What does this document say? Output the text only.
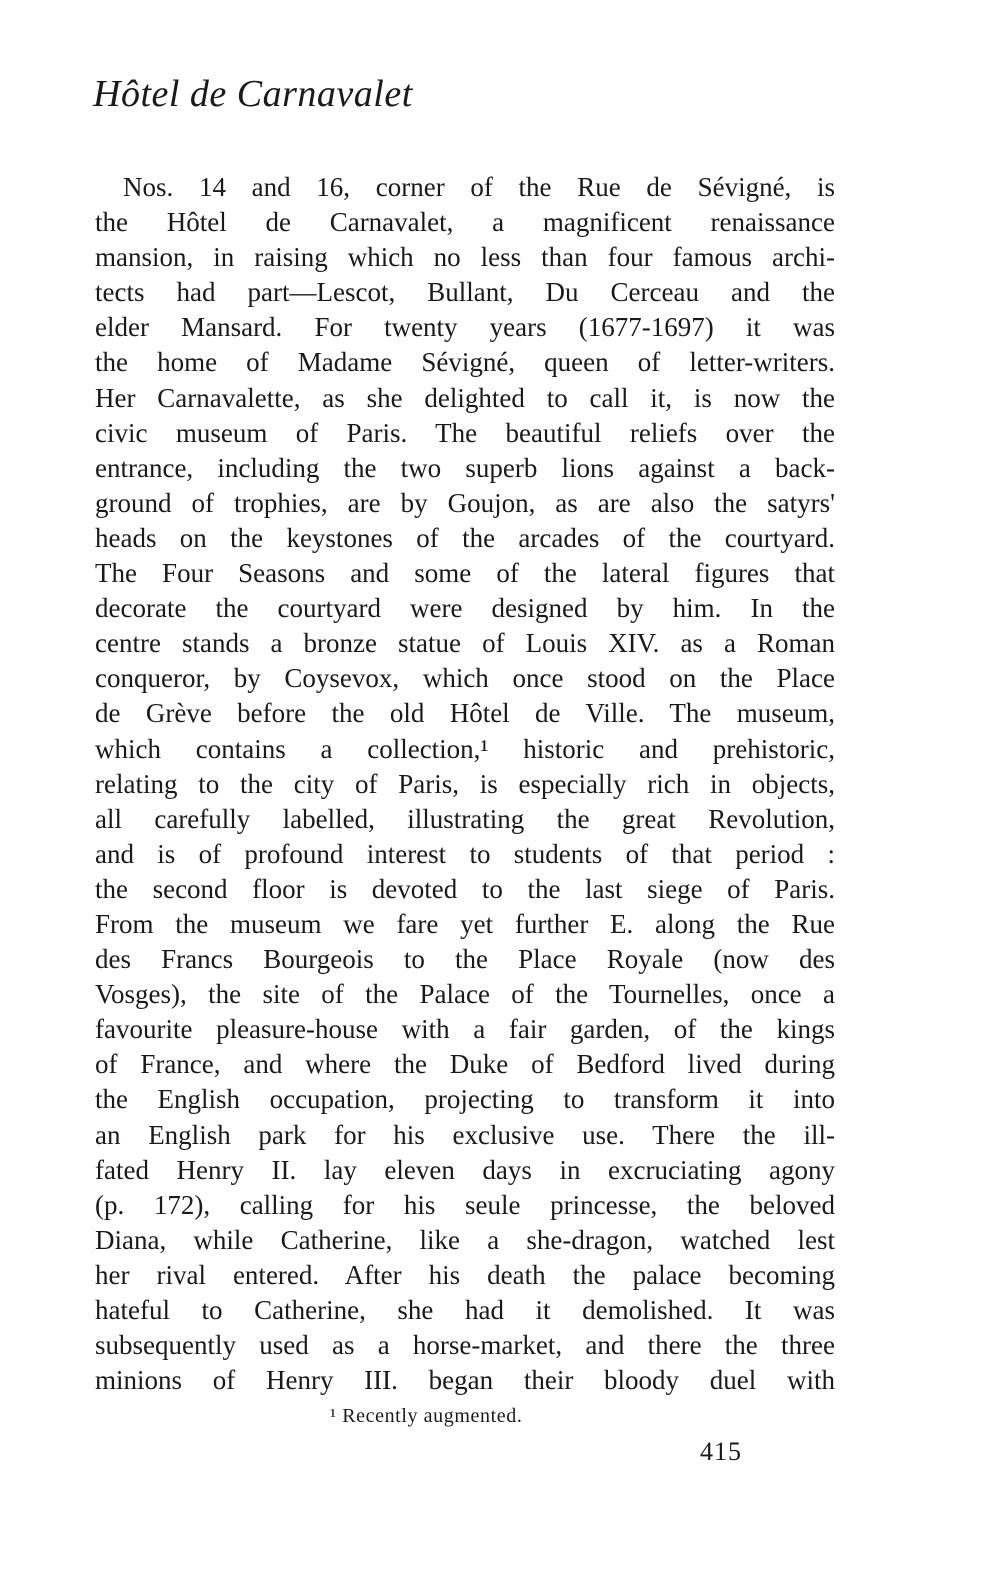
Hôtel de Carnavalet
Nos. 14 and 16, corner of the Rue de Sévigné, is
the Hôtel de Carnavalet, a magnificent renaissance
mansion, in raising which no less than four famous archi-
tects had part—Lescot, Bullant, Du Cerceau and the
elder Mansard. For twenty years (1677-1697) it was
the home of Madame Sévigné, queen of letter-writers.
Her Carnavalette, as she delighted to call it, is now the
civic museum of Paris. The beautiful reliefs over the
entrance, including the two superb lions against a back-
ground of trophies, are by Goujon, as are also the satyrs'
heads on the keystones of the arcades of the courtyard.
The Four Seasons and some of the lateral figures that
decorate the courtyard were designed by him. In the
centre stands a bronze statue of Louis XIV. as a Roman
conqueror, by Coysevox, which once stood on the Place
de Grève before the old Hôtel de Ville. The museum,
which contains a collection,¹ historic and prehistoric,
relating to the city of Paris, is especially rich in objects,
all carefully labelled, illustrating the great Revolution,
and is of profound interest to students of that period :
the second floor is devoted to the last siege of Paris.
From the museum we fare yet further E. along the Rue
des Francs Bourgeois to the Place Royale (now des
Vosges), the site of the Palace of the Tournelles, once a
favourite pleasure-house with a fair garden, of the kings
of France, and where the Duke of Bedford lived during
the English occupation, projecting to transform it into
an English park for his exclusive use. There the ill-
fated Henry II. lay eleven days in excruciating agony
(p. 172), calling for his seule princesse, the beloved
Diana, while Catherine, like a she-dragon, watched lest
her rival entered. After his death the palace becoming
hateful to Catherine, she had it demolished. It was
subsequently used as a horse-market, and there the three
minions of Henry III. began their bloody duel with

¹ Recently augmented.

415
